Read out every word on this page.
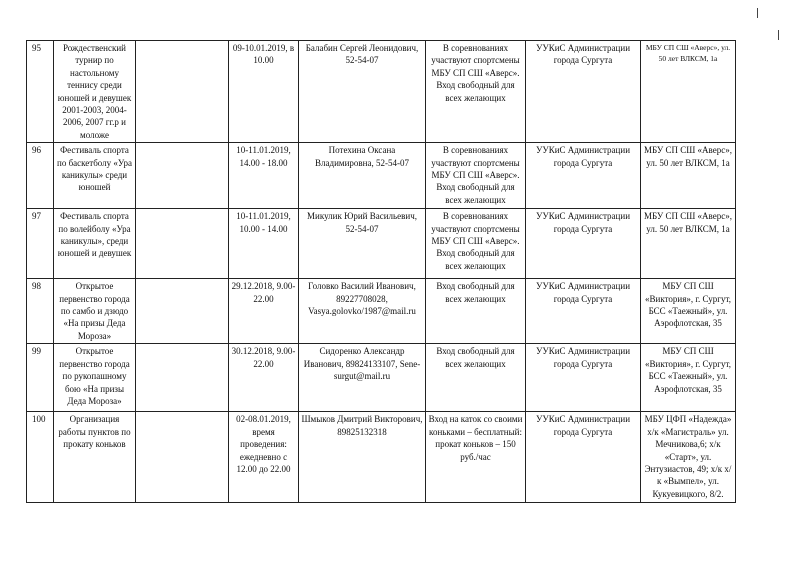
95	Рождественский турнир по настольному теннису среди юношей и девушек 2001-2003, 2004-2006, 2007 гг.р и моложе		09-10.01.2019, в 10.00	Балабин Сергей Леонидович, 52-54-07	В соревнованиях участвуют спортсмены МБУ СП СШ «Аверс». Вход свободный для всех желающих	УУКиС Администрации города Сургута	МБУ СП СШ «Аверс», ул. 50 лет ВЛКСМ, 1а
96	Фестиваль спорта по баскетболу «Ура каникулы» среди юношей		10-11.01.2019, 14.00 - 18.00	Потехина Оксана Владимировна, 52-54-07	В соревнованиях участвуют спортсмены МБУ СП СШ «Аверс». Вход свободный для всех желающих	УУКиС Администрации города Сургута	МБУ СП СШ «Аверс», ул. 50 лет ВЛКСМ, 1а
97	Фестиваль спорта по волейболу «Ура каникулы», среди юношей и девушек		10-11.01.2019, 10.00 - 14.00	Микулик Юрий Васильевич, 52-54-07	В соревнованиях участвуют спортсмены МБУ СП СШ «Аверс». Вход свободный для всех желающих	УУКиС Администрации города Сургута	МБУ СП СШ «Аверс», ул. 50 лет ВЛКСМ, 1а
98	Открытое первенство города по самбо и дзюдо «На призы Деда Мороза»		29.12.2018, 9.00-22.00	Головко Василий Иванович, 89227708028, Vasya.golovko/1987@mail.ru	Вход свободный для всех желающих	УУКиС Администрации города Сургута	МБУ СП СШ «Виктория», г. Сургут, БСС «Таежный», ул. Аэрофлотская, 35
99	Открытое первенство города по рукопашному бою «На призы Деда Мороза»		30.12.2018, 9.00-22.00	Сидоренко Александр Иванович, 89824133107, Sene-surgut@mail.ru	Вход свободный для всех желающих	УУКиС Администрации города Сургута	МБУ СП СШ «Виктория», г. Сургут, БСС «Таежный», ул. Аэрофлотская, 35
100	Организация работы пунктов по прокату коньков		02-08.01.2019, время проведения: ежедневно с 12.00 до 22.00	Шмыков Дмитрий Викторович, 89825132318	Вход на каток со своими коньками – бесплатный: прокат коньков – 150 руб./час	УУКиС Администрации города Сургута	МБУ ЦФП «Надежда» х/к «Магистраль» ул. Мечникова,6; х/к «Старт», ул. Энтузиастов, 49; х/к х/к «Вымпел», ул. Кукуевицкого, 8/2.
